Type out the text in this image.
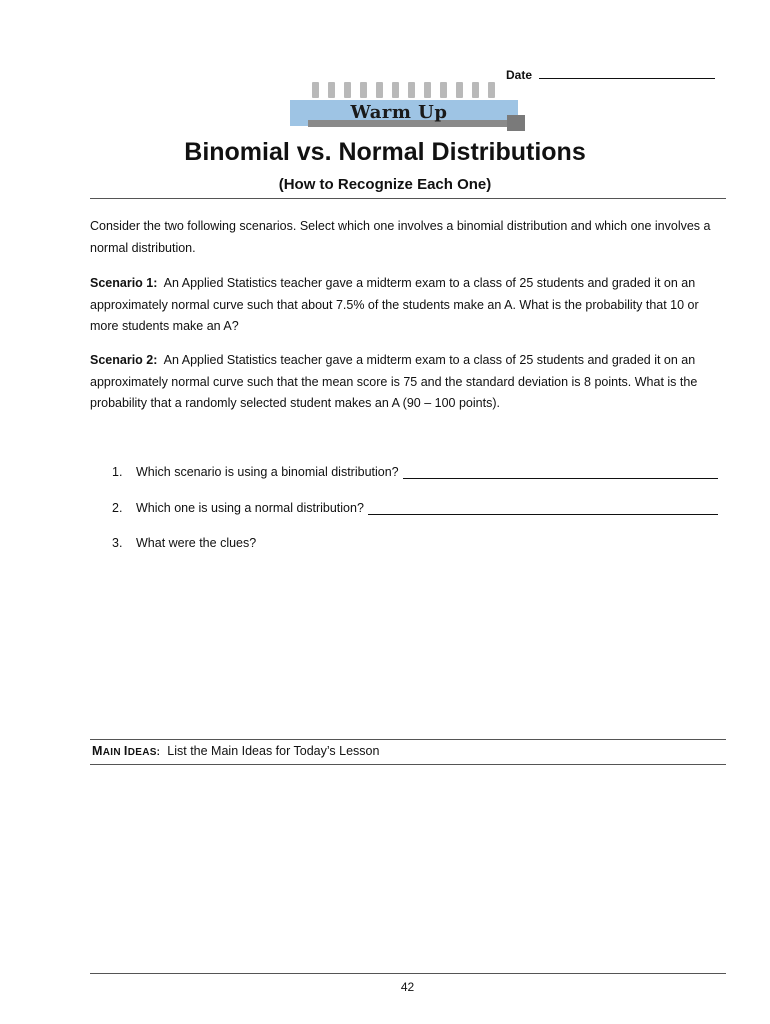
Date
Warm Up
Binomial vs. Normal Distributions
(How to Recognize Each One)

Consider the two following scenarios. Select which one involves a binomial distribution and which one involves a normal distribution.

Scenario 1: An Applied Statistics teacher gave a midterm exam to a class of 25 students and graded it on an approximately normal curve such that about 7.5% of the students make an A. What is the probability that 10 or more students make an A?

Scenario 2: An Applied Statistics teacher gave a midterm exam to a class of 25 students and graded it on an approximately normal curve such that the mean score is 75 and the standard deviation is 8 points. What is the probability that a randomly selected student makes an A (90 – 100 points).

1.	Which scenario is using a binomial distribution?
2.	Which one is using a normal distribution?
3.	What were the clues?
MAIN IDEAS: List the Main Ideas for Today’s Lesson
42
